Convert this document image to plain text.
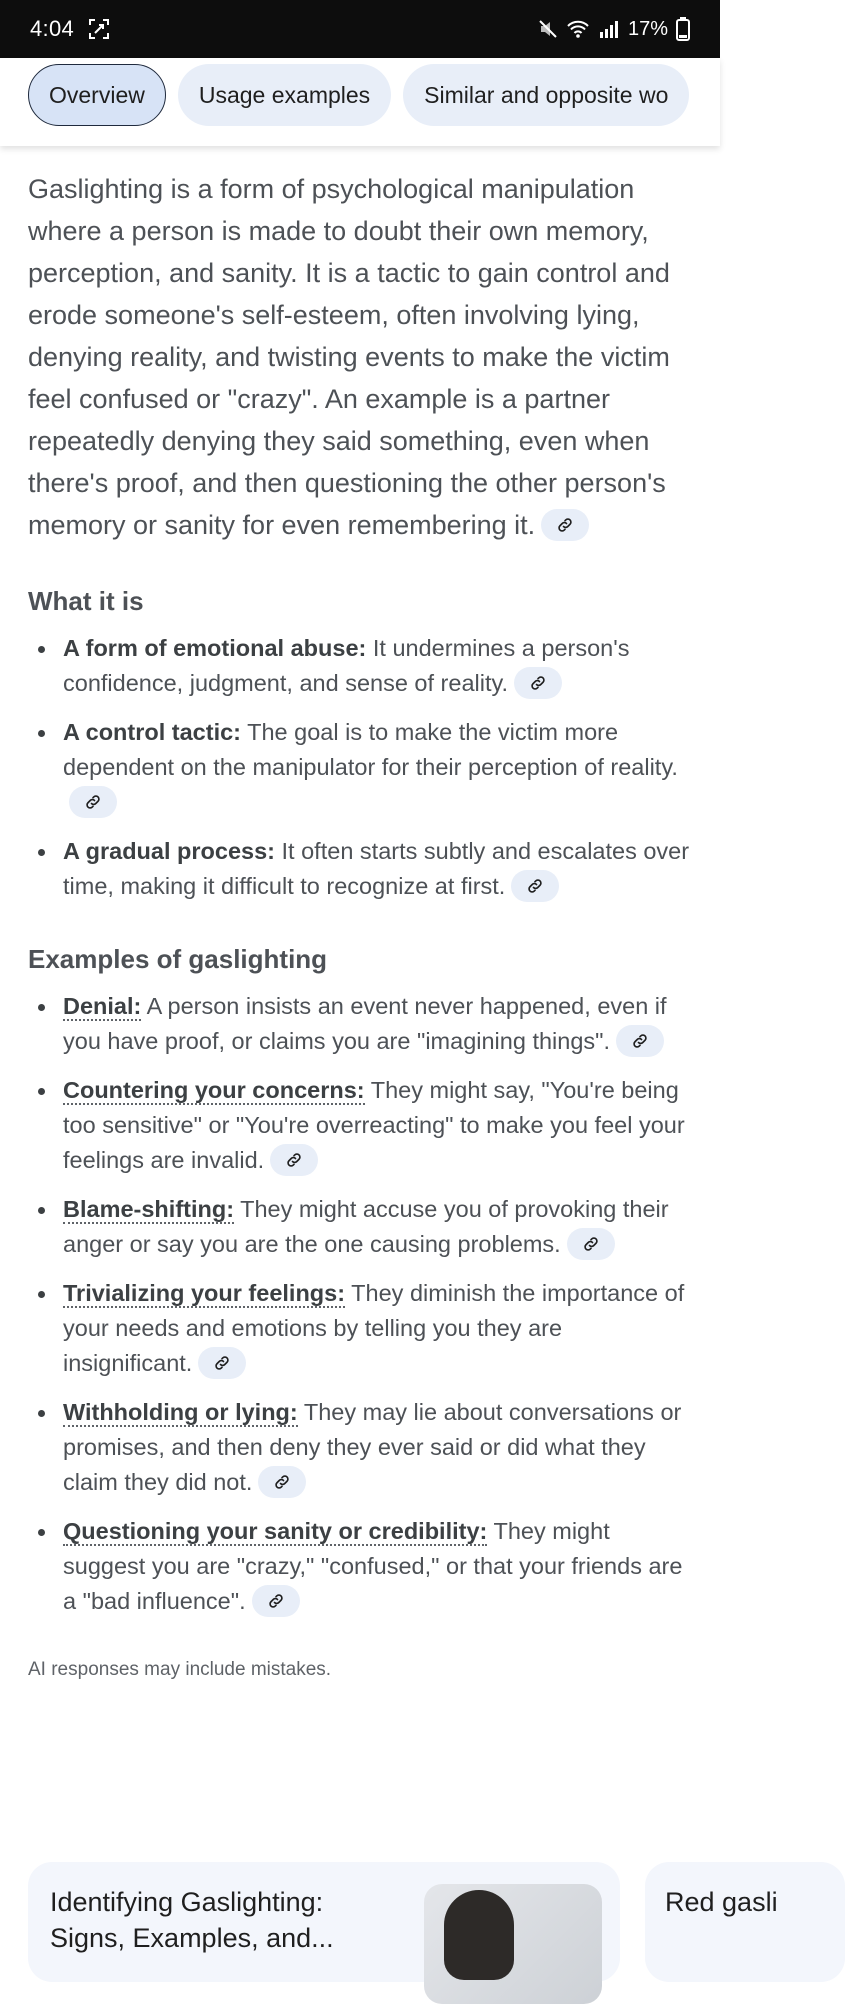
4:04	17%
Overview Usage examples Similar and opposite wo

Gaslighting is a form of psychological manipulation where a person is made to doubt their own memory, perception, and sanity. It is a tactic to gain control and erode someone's self-esteem, often involving lying, denying reality, and twisting events to make the victim feel confused or "crazy". An example is a partner repeatedly denying they said something, even when there's proof, and then questioning the other person's memory or sanity for even remembering it.

What it is
A form of emotional abuse: It undermines a person's confidence, judgment, and sense of reality.
A control tactic: The goal is to make the victim more dependent on the manipulator for their perception of reality.
A gradual process: It often starts subtly and escalates over time, making it difficult to recognize at first.
Examples of gaslighting
Denial: A person insists an event never happened, even if you have proof, or claims you are "imagining things".
Countering your concerns: They might say, "You're being too sensitive" or "You're overreacting" to make you feel your feelings are invalid.
Blame-shifting: They might accuse you of provoking their anger or say you are the one causing problems.
Trivializing your feelings: They diminish the importance of your needs and emotions by telling you they are insignificant.
Withholding or lying: They may lie about conversations or promises, and then deny they ever said or did what they claim they did not.
Questioning your sanity or credibility: They might suggest you are "crazy," "confused," or that your friends are a "bad influence".

AI responses may include mistakes.

Identifying Gaslighting: Signs, Examples, and...
Red gasli
